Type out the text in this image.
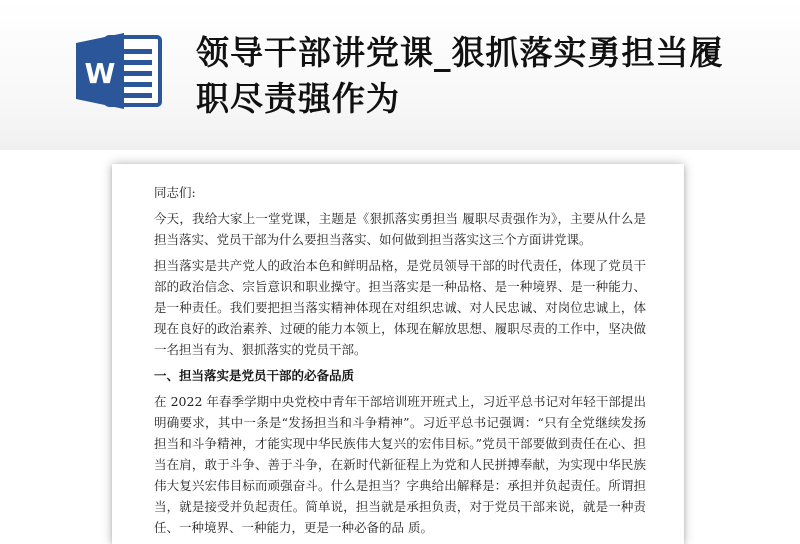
W
领导干部讲党课_狠抓落实勇担当履职尽责强作为

同志们:

今天，我给大家上一堂党课，主题是《狠抓落实勇担当 履职尽责强作为》，主要从什么是担当落实、党员干部为什么要担当落实、如何做到担当落实这三个方面讲党课。

担当落实是共产党人的政治本色和鲜明品格，是党员领导干部的时代责任，体现了党员干部的政治信念、宗旨意识和职业操守。担当落实是一种品格、是一种境界、是一种能力、是一种责任。我们要把担当落实精神体现在对组织忠诚、对人民忠诚、对岗位忠诚上，体现在良好的政治素养、过硬的能力本领上，体现在解放思想、履职尽责的工作中，坚决做一名担当有为、狠抓落实的党员干部。

一、担当落实是党员干部的必备品质

在 2022 年春季学期中央党校中青年干部培训班开班式上，习近平总书记对年轻干部提出明确要求，其中一条是“发扬担当和斗争精神”。习近平总书记强调：“只有全党继续发扬担当和斗争精神，才能实现中华民族伟大复兴的宏伟目标。”党员干部要做到责任在心、担当在肩，敢于斗争、善于斗争，在新时代新征程上为党和人民拼搏奉献，为实现中华民族伟大复兴宏伟目标而顽强奋斗。什么是担当？字典给出解释是：承担并负起责任。所谓担当，就是接受并负起责任。简单说，担当就是承担负责，对于党员干部来说，就是一种责任、一种境界、一种能力，更是一种必备的品 质。
